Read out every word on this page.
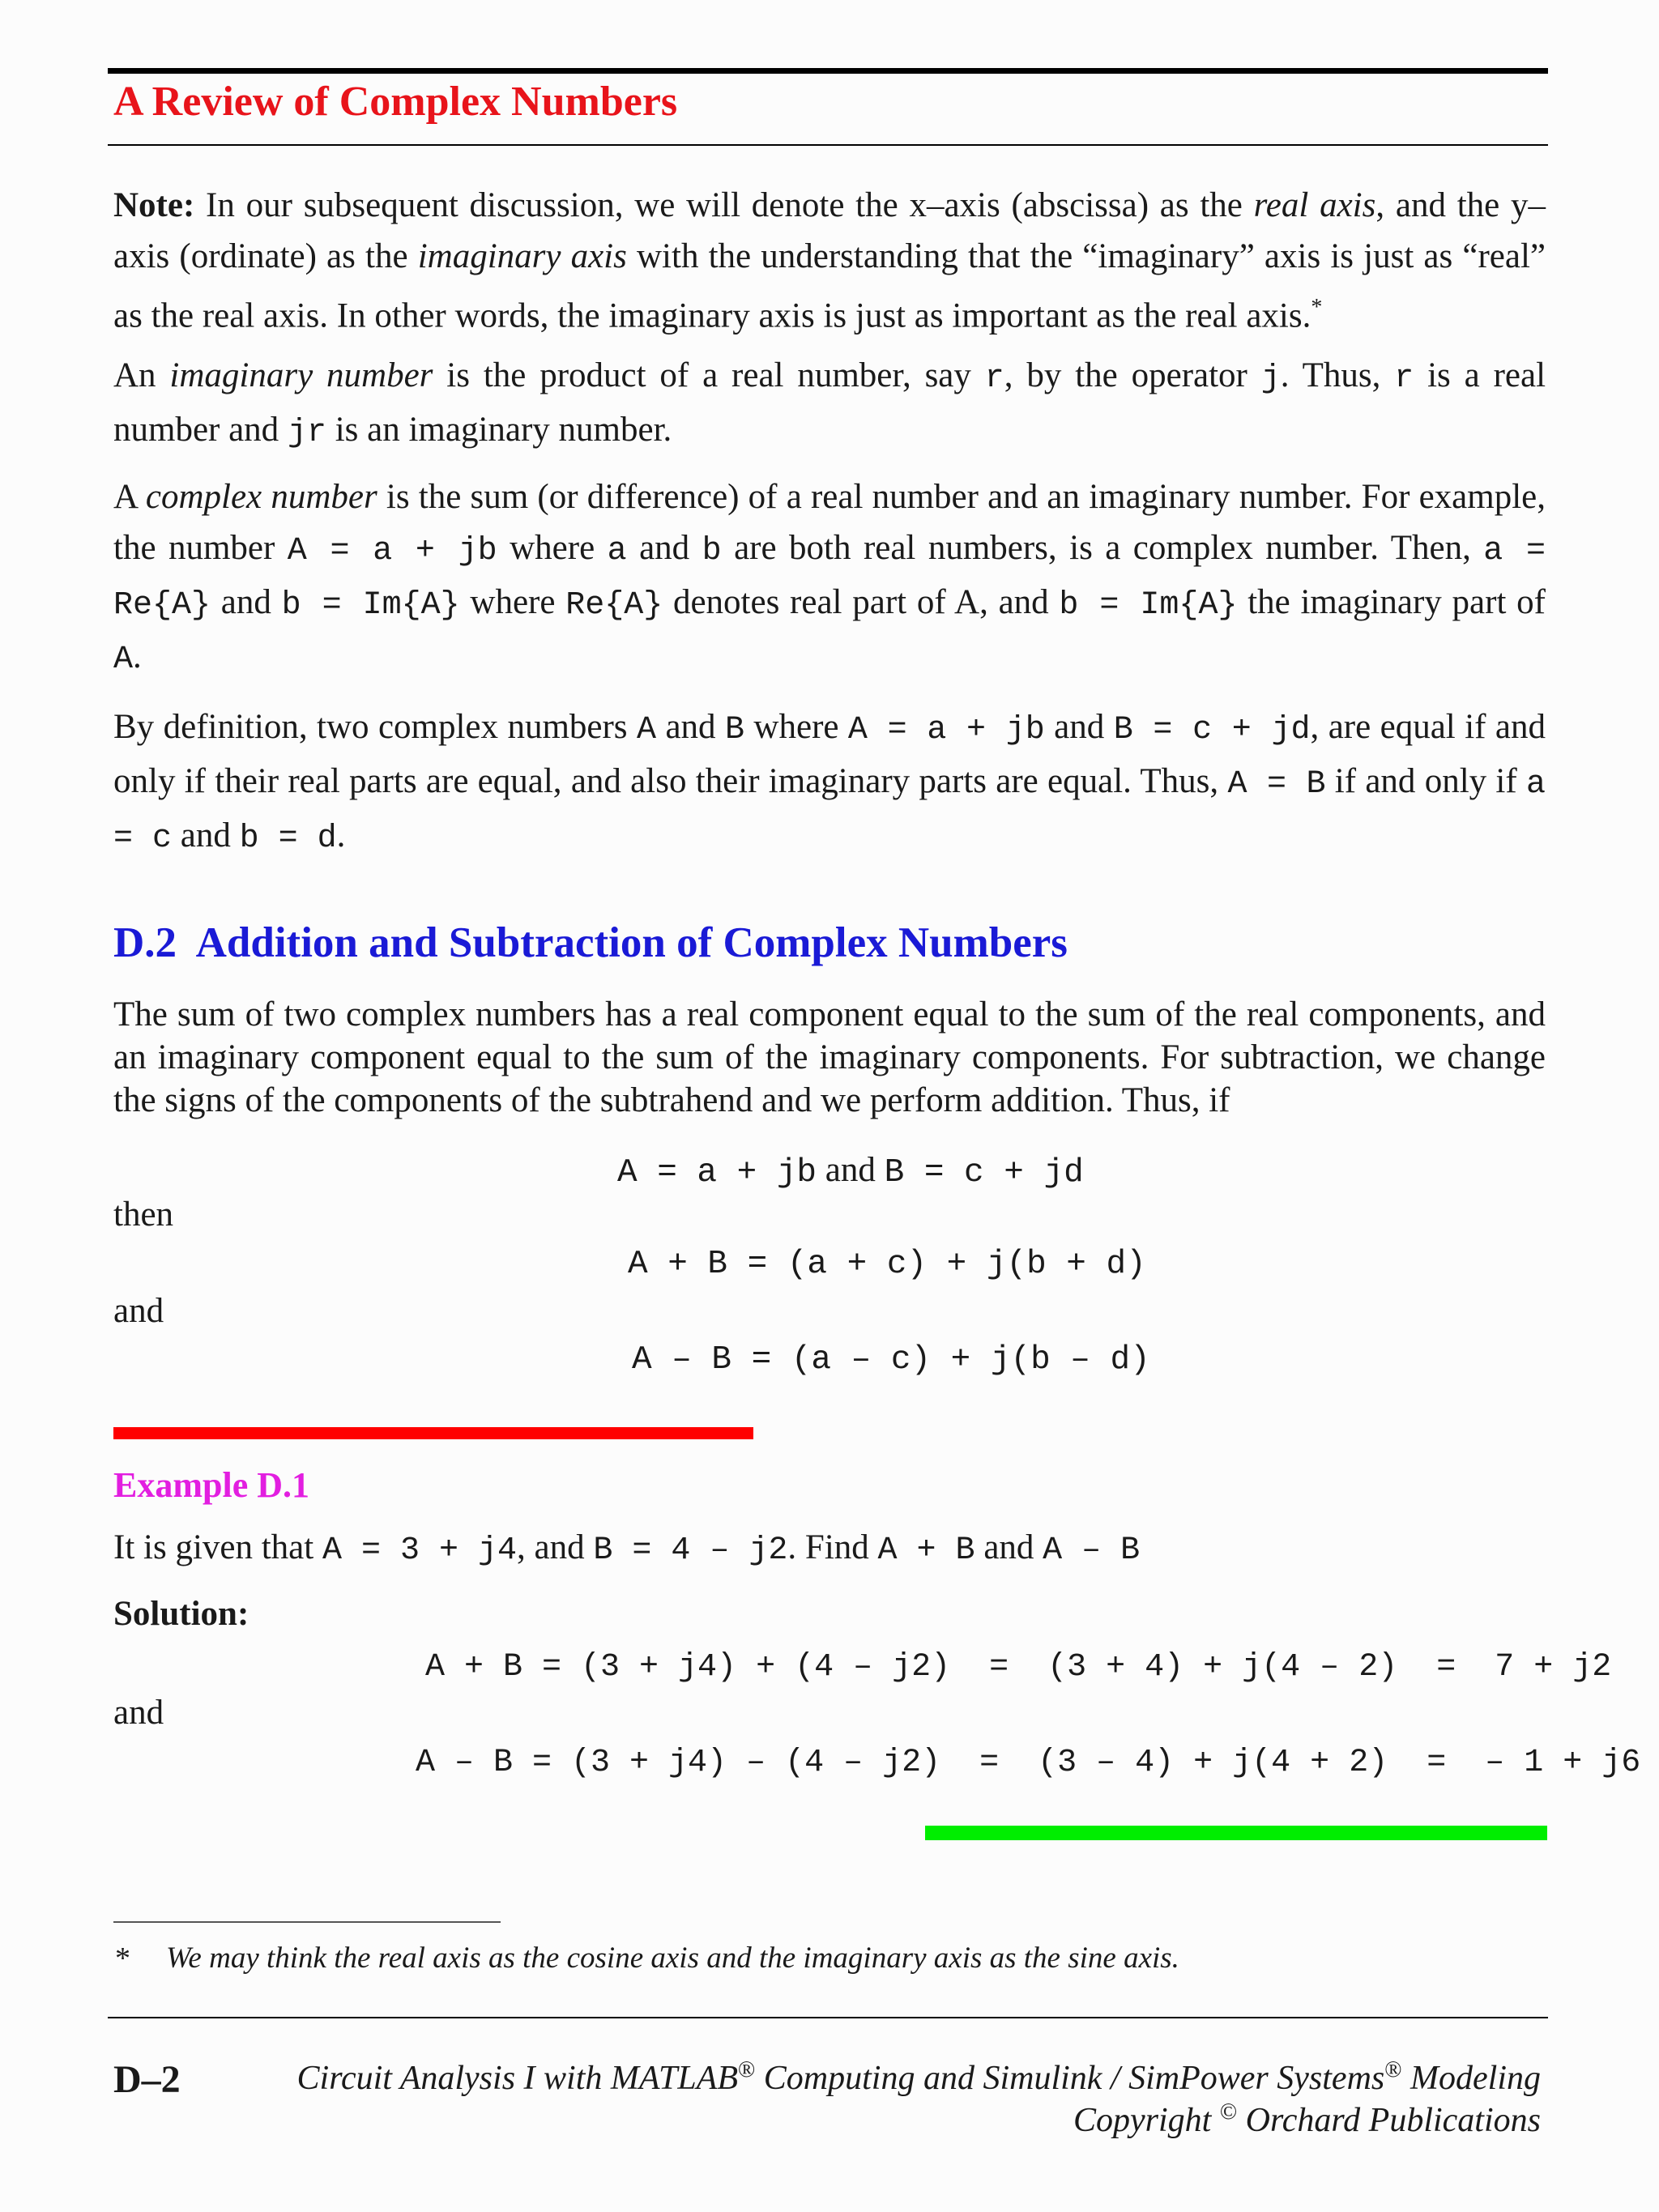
A Review of Complex Numbers

Note: In our subsequent discussion, we will denote the x–axis (abscissa) as the real axis, and the y–axis (ordinate) as the imaginary axis with the understanding that the “imaginary” axis is just as “real” as the real axis. In other words, the imaginary axis is just as important as the real axis.*

An imaginary number is the product of a real number, say r, by the operator j. Thus, r is a real number and jr is an imaginary number.

A complex number is the sum (or difference) of a real number and an imaginary number. For example, the number A = a + jb where a and b are both real numbers, is a complex number. Then, a = Re{A} and b = Im{A} where Re{A} denotes real part of A, and b = Im{A} the imaginary part of A.

By definition, two complex numbers A and B where A = a + jb and B = c + jd, are equal if and only if their real parts are equal, and also their imaginary parts are equal. Thus, A = B if and only if a = c and b = d.

D.2  Addition and Subtraction of Complex Numbers

The sum of two complex numbers has a real component equal to the sum of the real components, and an imaginary component equal to the sum of the imaginary components. For subtraction, we change the signs of the components of the subtrahend and we perform addition. Thus, if

A = a + jb and B = c + jd
then
A + B = (a + c) + j(b + d)
and
A – B = (a – c) + j(b – d)
Example D.1
It is given that A = 3 + j4, and B = 4 – j2. Find A + B and A – B
Solution:
A + B = (3 + j4) + (4 – j2)  =  (3 + 4) + j(4 – 2)  =  7 + j2
and
A – B = (3 + j4) – (4 – j2)  =  (3 – 4) + j(4 + 2)  =  – 1 + j6
* We may think the real axis as the cosine axis and the imaginary axis as the sine axis.
D–2	Circuit Analysis I with MATLAB® Computing and Simulink / SimPower Systems® Modeling
Copyright © Orchard Publications
